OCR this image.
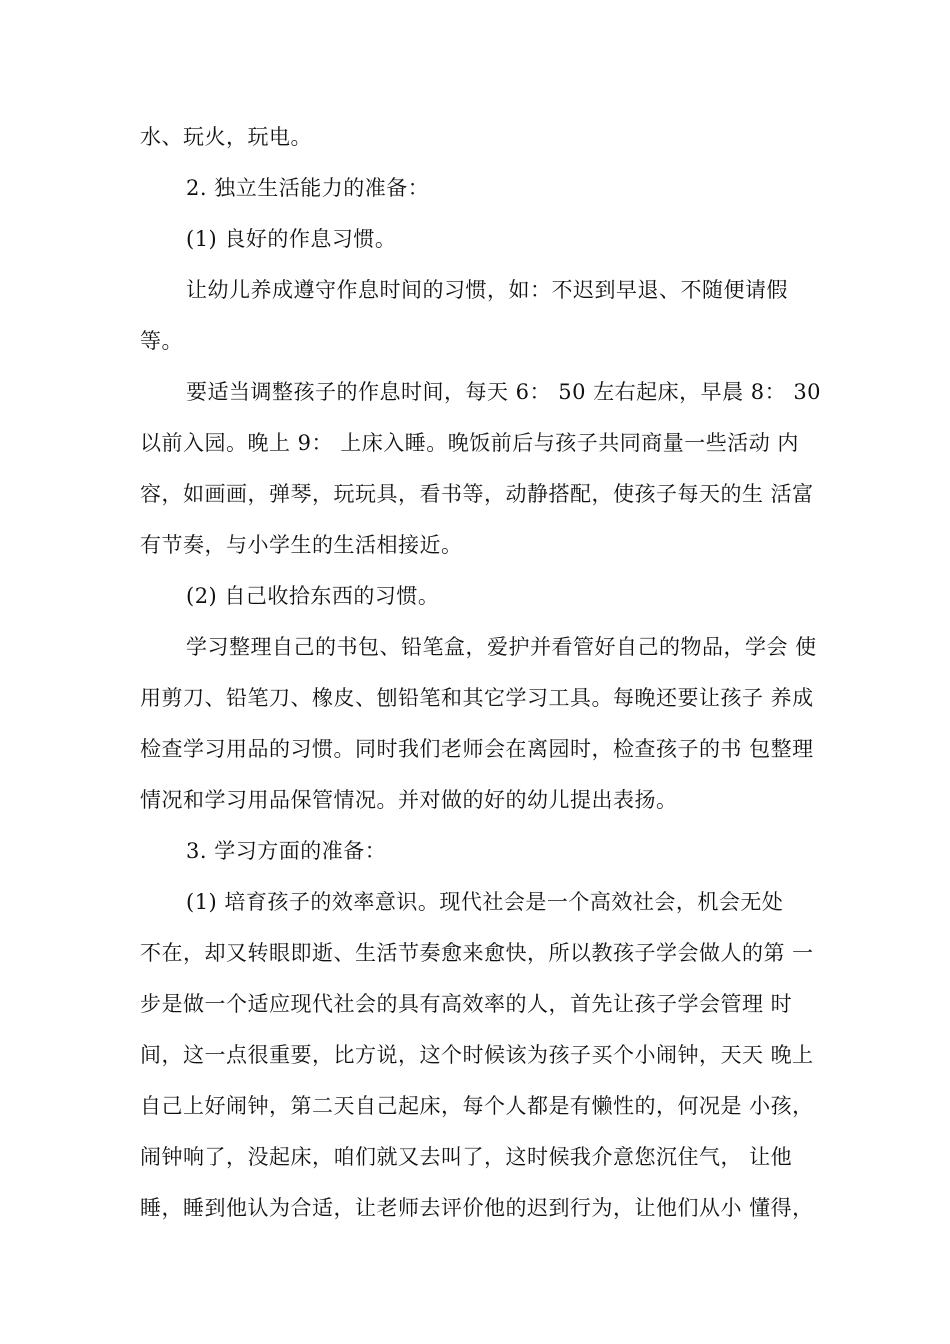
水、玩火，玩电。
2. 独立生活能力的准备：
(1) 良好的作息习惯。
让幼儿养成遵守作息时间的习惯，如：不迟到早退、不随便请假
等。
要适当调整孩子的作息时间，每天 6： 50 左右起床，早晨 8： 30
以前入园。晚上 9： 上床入睡。晚饭前后与孩子共同商量一些活动 内
容，如画画，弹琴，玩玩具，看书等，动静搭配，使孩子每天的生 活富
有节奏，与小学生的生活相接近。
(2) 自己收拾东西的习惯。
学习整理自己的书包、铅笔盒，爱护并看管好自己的物品，学会 使
用剪刀、铅笔刀、橡皮、刨铅笔和其它学习工具。每晚还要让孩子 养成
检查学习用品的习惯。同时我们老师会在离园时，检查孩子的书 包整理
情况和学习用品保管情况。并对做的好的幼儿提出表扬。
3. 学习方面的准备：
(1) 培育孩子的效率意识。现代社会是一个高效社会，机会无处
不在，却又转眼即逝、生活节奏愈来愈快，所以教孩子学会做人的第 一
步是做一个适应现代社会的具有高效率的人，首先让孩子学会管理 时
间，这一点很重要，比方说，这个时候该为孩子买个小闹钟，天天 晚上
自己上好闹钟，第二天自己起床，每个人都是有懒性的，何况是 小孩，
闹钟响了，没起床，咱们就又去叫了，这时候我介意您沉住气， 让他
睡，睡到他认为合适，让老师去评价他的迟到行为，让他们从小 懂得，
